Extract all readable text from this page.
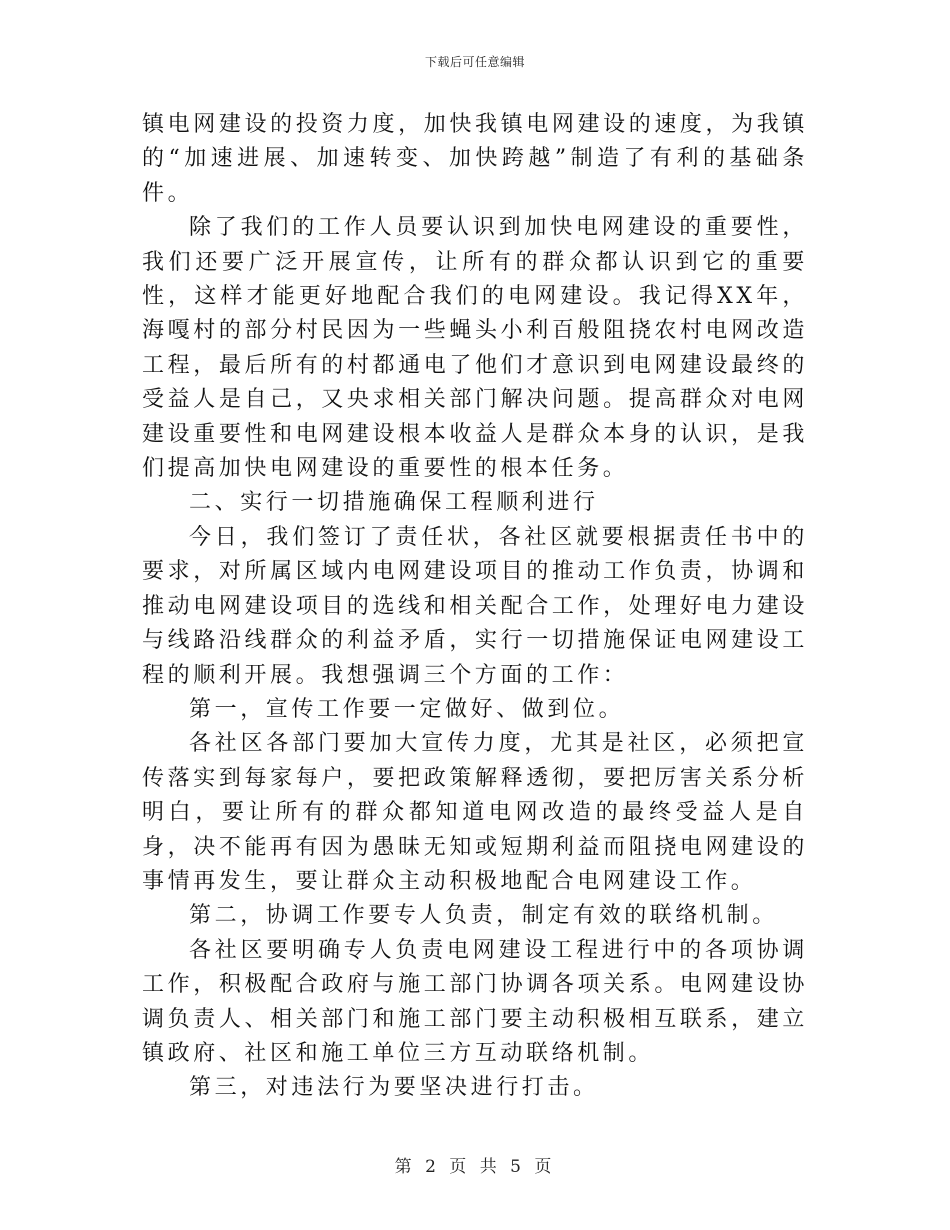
下载后可任意编辑

镇电网建设的投资力度，加快我镇电网建设的速度，为我镇的“加速进展、加速转变、加快跨越”制造了有利的基础条件。

除了我们的工作人员要认识到加快电网建设的重要性，我们还要广泛开展宣传，让所有的群众都认识到它的重要性，这样才能更好地配合我们的电网建设。我记得XX年，海嘎村的部分村民因为一些蝇头小利百般阻挠农村电网改造工程，最后所有的村都通电了他们才意识到电网建设最终的受益人是自己，又央求相关部门解决问题。提高群众对电网建设重要性和电网建设根本收益人是群众本身的认识，是我们提高加快电网建设的重要性的根本任务。

二、实行一切措施确保工程顺利进行

今日，我们签订了责任状，各社区就要根据责任书中的要求，对所属区域内电网建设项目的推动工作负责，协调和推动电网建设项目的选线和相关配合工作，处理好电力建设与线路沿线群众的利益矛盾，实行一切措施保证电网建设工程的顺利开展。我想强调三个方面的工作：

第一，宣传工作要一定做好、做到位。

各社区各部门要加大宣传力度，尤其是社区，必须把宣传落实到每家每户，要把政策解释透彻，要把厉害关系分析明白，要让所有的群众都知道电网改造的最终受益人是自身，决不能再有因为愚昧无知或短期利益而阻挠电网建设的事情再发生，要让群众主动积极地配合电网建设工作。

第二，协调工作要专人负责，制定有效的联络机制。

各社区要明确专人负责电网建设工程进行中的各项协调工作，积极配合政府与施工部门协调各项关系。电网建设协调负责人、相关部门和施工部门要主动积极相互联系，建立镇政府、社区和施工单位三方互动联络机制。

第三，对违法行为要坚决进行打击。

第 2 页 共 5 页
